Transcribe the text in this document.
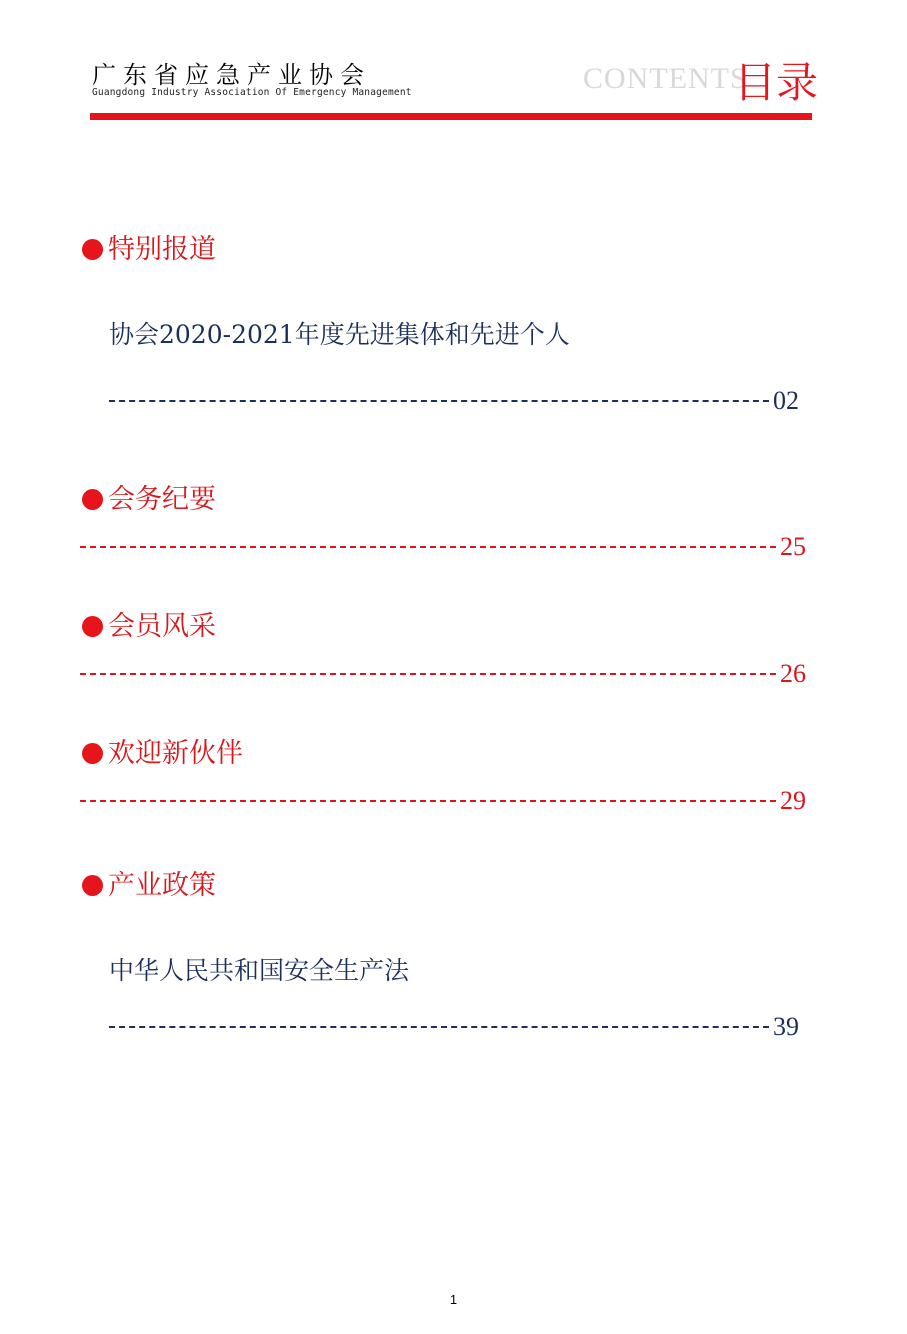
广东省应急产业协会
Guangdong Industry Association Of Emergency Management	CONTENTS
目录
特别报道
协会2020-2021年度先进集体和先进个人
02
会务纪要
25
会员风采
26
欢迎新伙伴
29
产业政策
中华人民共和国安全生产法
39
1
